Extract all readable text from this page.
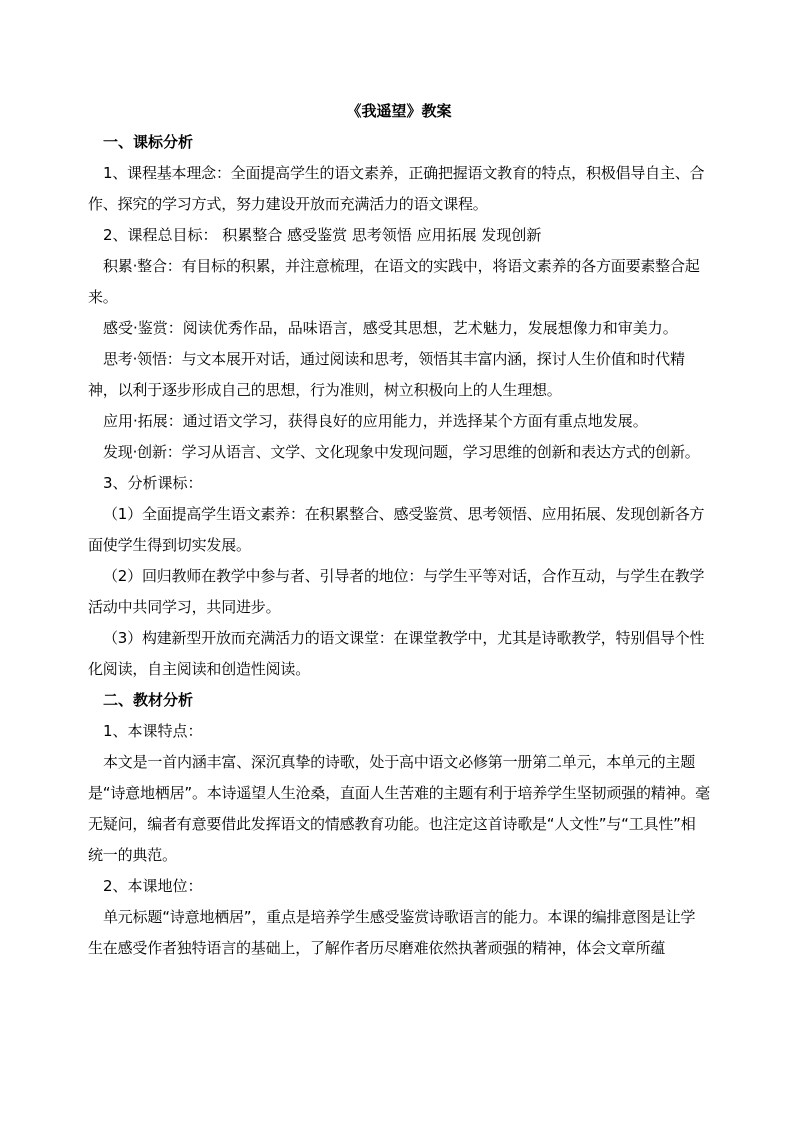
《我遥望》教案
一、课标分析

1、课程基本理念：全面提高学生的语文素养，正确把握语文教育的特点，积极倡导自主、合作、探究的学习方式，努力建设开放而充满活力的语文课程。

2、课程总目标： 积累整合 感受鉴赏 思考领悟 应用拓展 发现创新

积累·整合：有目标的积累，并注意梳理，在语文的实践中，将语文素养的各方面要素整合起来。

感受·鉴赏：阅读优秀作品，品味语言，感受其思想，艺术魅力，发展想像力和审美力。

思考·领悟：与文本展开对话，通过阅读和思考，领悟其丰富内涵，探讨人生价值和时代精神，以利于逐步形成自己的思想，行为准则，树立积极向上的人生理想。

应用·拓展：通过语文学习，获得良好的应用能力，并选择某个方面有重点地发展。

发现·创新：学习从语言、文学、文化现象中发现问题，学习思维的创新和表达方式的创新。

3、分析课标：

（1）全面提高学生语文素养：在积累整合、感受鉴赏、思考领悟、应用拓展、发现创新各方面使学生得到切实发展。

（2）回归教师在教学中参与者、引导者的地位：与学生平等对话，合作互动，与学生在教学活动中共同学习，共同进步。

（3）构建新型开放而充满活力的语文课堂：在课堂教学中，尤其是诗歌教学，特别倡导个性化阅读，自主阅读和创造性阅读。

二、教材分析

1、本课特点：

本文是一首内涵丰富、深沉真挚的诗歌，处于高中语文必修第一册第二单元，本单元的主题是“诗意地栖居”。本诗遥望人生沧桑，直面人生苦难的主题有利于培养学生坚韧顽强的精神。毫无疑问，编者有意要借此发挥语文的情感教育功能。也注定这首诗歌是“人文性”与“工具性”相统一的典范。

2、本课地位：

单元标题“诗意地栖居”，重点是培养学生感受鉴赏诗歌语言的能力。本课的编排意图是让学生在感受作者独特语言的基础上，了解作者历尽磨难依然执著顽强的精神，体会文章所蕴
